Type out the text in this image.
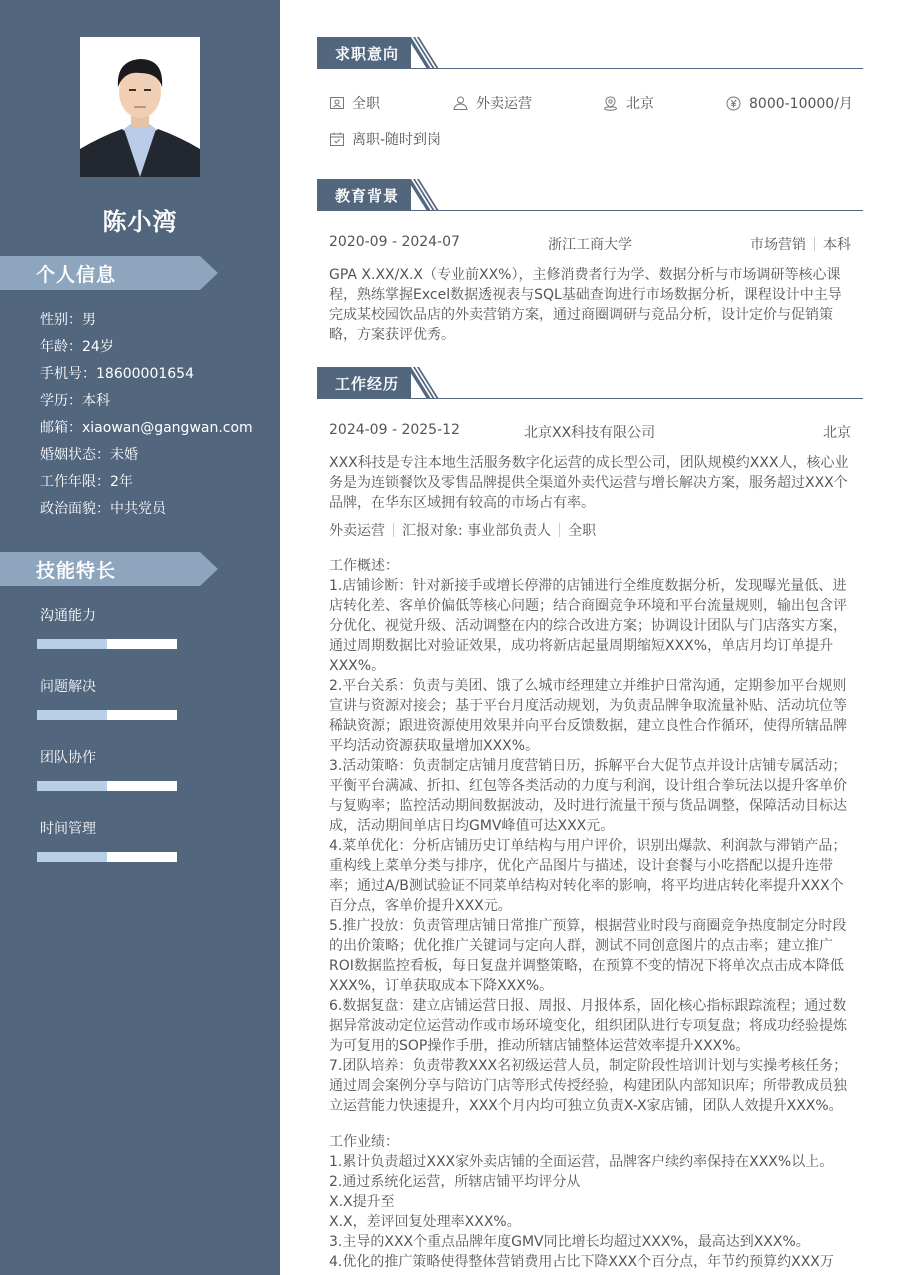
陈小湾
个人信息
性别：男
年龄：24岁
手机号：18600001654
学历：本科
邮箱：xiaowan@gangwan.com
婚姻状态：未婚
工作年限：2年
政治面貌：中共党员
技能特长
沟通能力
问题解决
团队协作
时间管理
求职意向
全职	外卖运营	北京	8000-10000/月
离职-随时到岗
教育背景
2020-09 - 2024-07	浙江工商大学	市场营销 本科
GPA X.XX/X.X（专业前XX%），主修消费者行为学、数据分析与市场调研等核心课程，熟练掌握Excel数据透视表与SQL基础查询进行市场数据分析，课程设计中主导完成某校园饮品店的外卖营销方案，通过商圈调研与竞品分析，设计定价与促销策略，方案获评优秀。
工作经历
2024-09 - 2025-12	北京XX科技有限公司	北京
XXX科技是专注本地生活服务数字化运营的成长型公司，团队规模约XXX人，核心业务是为连锁餐饮及零售品牌提供全渠道外卖代运营与增长解决方案，服务超过XXX个品牌，在华东区域拥有较高的市场占有率。
外卖运营 汇报对象: 事业部负责人 全职
工作概述：
1.店铺诊断：针对新接手或增长停滞的店铺进行全维度数据分析，发现曝光量低、进店转化差、客单价偏低等核心问题；结合商圈竞争环境和平台流量规则，输出包含评分优化、视觉升级、活动调整在内的综合改进方案；协调设计团队与门店落实方案，通过周期数据比对验证效果，成功将新店起量周期缩短XXX%，单店月均订单提升XXX%。
2.平台关系：负责与美团、饿了么城市经理建立并维护日常沟通，定期参加平台规则宣讲与资源对接会；基于平台月度活动规划，为负责品牌争取流量补贴、活动坑位等稀缺资源；跟进资源使用效果并向平台反馈数据，建立良性合作循环，使得所辖品牌平均活动资源获取量增加XXX%。
3.活动策略：负责制定店铺月度营销日历，拆解平台大促节点并设计店铺专属活动；平衡平台满减、折扣、红包等各类活动的力度与利润，设计组合拳玩法以提升客单价与复购率；监控活动期间数据波动，及时进行流量干预与货品调整，保障活动目标达成，活动期间单店日均GMV峰值可达XXX元。
4.菜单优化：分析店铺历史订单结构与用户评价，识别出爆款、利润款与滞销产品；重构线上菜单分类与排序，优化产品图片与描述，设计套餐与小吃搭配以提升连带率；通过A/B测试验证不同菜单结构对转化率的影响，将平均进店转化率提升XXX个百分点，客单价提升XXX元。
5.推广投放：负责管理店铺日常推广预算，根据营业时段与商圈竞争热度制定分时段的出价策略；优化推广关键词与定向人群，测试不同创意图片的点击率；建立推广ROI数据监控看板，每日复盘并调整策略，在预算不变的情况下将单次点击成本降低XXX%，订单获取成本下降XXX%。
6.数据复盘：建立店铺运营日报、周报、月报体系，固化核心指标跟踪流程；通过数据异常波动定位运营动作或市场环境变化，组织团队进行专项复盘；将成功经验提炼为可复用的SOP操作手册，推动所辖店铺整体运营效率提升XXX%。
7.团队培养：负责带教XXX名初级运营人员，制定阶段性培训计划与实操考核任务；通过周会案例分享与陪访门店等形式传授经验，构建团队内部知识库；所带教成员独立运营能力快速提升，XXX个月内均可独立负责X-X家店铺，团队人效提升XXX%。
工作业绩：
1.累计负责超过XXX家外卖店铺的全面运营，品牌客户续约率保持在XXX%以上。
2.通过系统化运营，所辖店铺平均评分从
X.X提升至
X.X，差评回复处理率XXX%。
3.主导的XXX个重点品牌年度GMV同比增长均超过XXX%，最高达到XXX%。
4.优化的推广策略使得整体营销费用占比下降XXX个百分点，年节约预算约XXX万
